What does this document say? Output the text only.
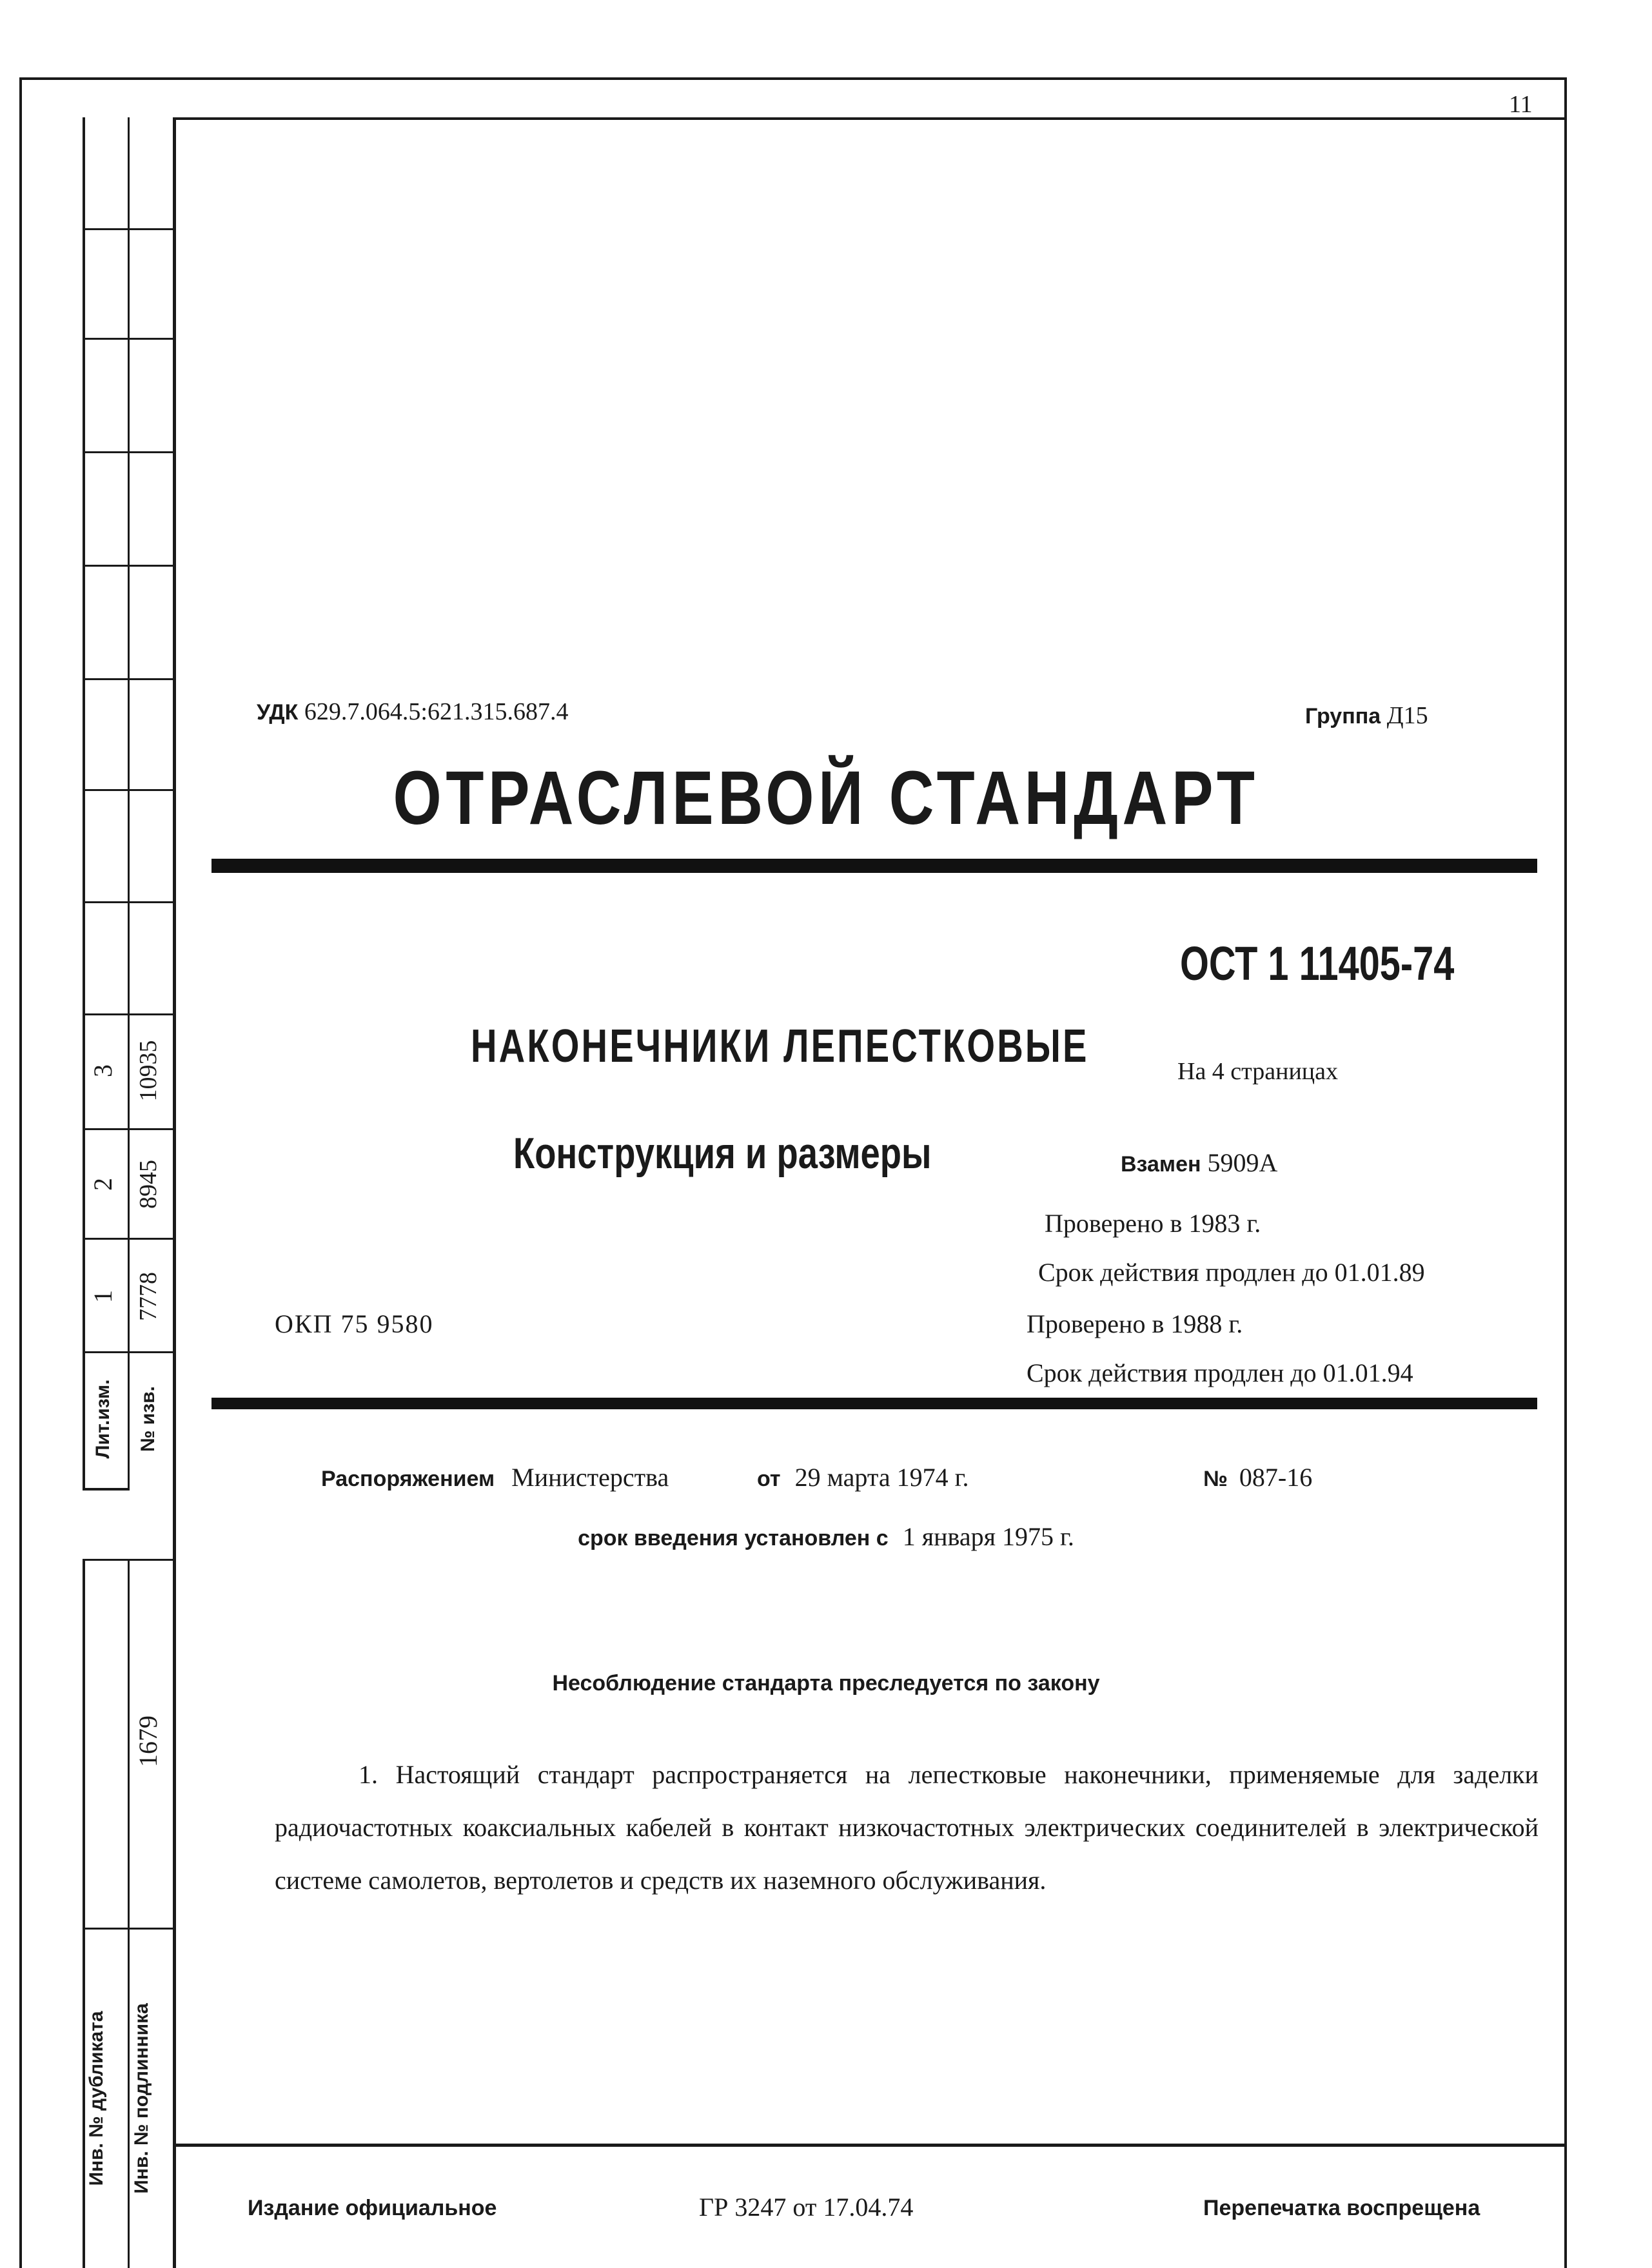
11
Лит.изм.	№ изв.
1 7778
2 8945
3 10935
Инв. № дубликата	Инв. № подлинника
1679
УДК 629.7.064.5:621.315.687.4	Группа Д15
ОТРАСЛЕВОЙ СТАНДАРТ
ОСТ 1 11405-74
НАКОНЕЧНИКИ ЛЕПЕСТКОВЫЕ	На 4 страницах
Конструкция и размеры	Взамен 5909А
Проверено в 1983 г.
Срок действия продлен до 01.01.89
ОКП 75 9580	Проверено в 1988 г.
Срок действия продлен до 01.01.94
Распоряжением Министерства	от 29 марта 1974 г.	№ 087-16
срок введения установлен с 1 января 1975 г.
Несоблюдение стандарта преследуется по закону

1. Настоящий стандарт распространяется на лепестковые наконечники, применяемые для заделки радиочастотных коаксиальных кабелей в контакт низкочастотных электрических соединителей в электрической системе самолетов, вертолетов и средств их наземного обслуживания.

Издание официальное	ГР 3247 от 17.04.74	Перепечатка воспрещена
